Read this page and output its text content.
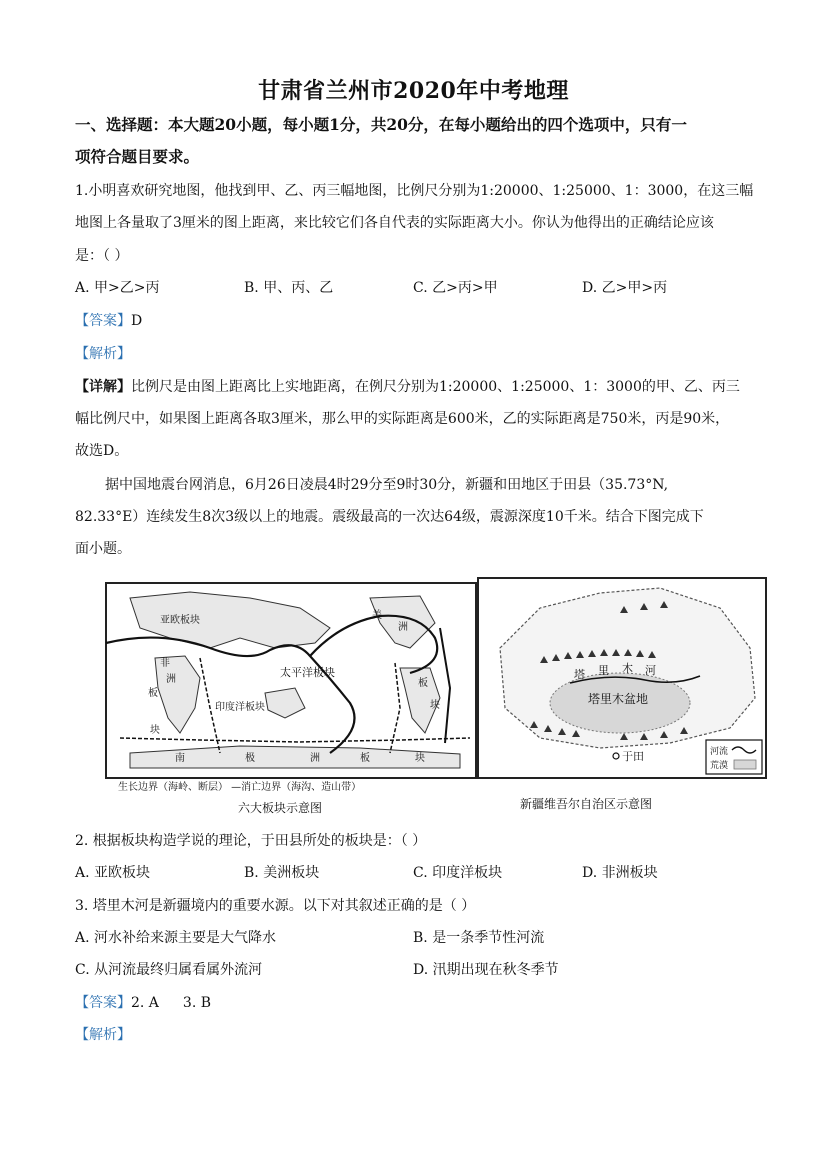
甘肃省兰州市2020年中考地理
一、选择题：本大题20小题，每小题1分，共20分，在每小题给出的四个选项中，只有一
项符合题目要求。
1.小明喜欢研究地图，他找到甲、乙、丙三幅地图，比例尺分别为1:20000、1:25000、1：3000，在这三幅
地图上各量取了3厘米的图上距离，来比较它们各自代表的实际距离大小。你认为他得出的正确结论应该
是：（ ）
A. 甲>乙>丙	B. 甲、丙、乙	C. 乙>丙>甲	D. 乙>甲>丙
【答案】D
【解析】
【详解】比例尺是由图上距离比上实地距离，在例尺分别为1:20000、1:25000、1：3000的甲、乙、丙三
幅比例尺中，如果图上距离各取3厘米，那么甲的实际距离是600米，乙的实际距离是750米，丙是90米，
故选D。
据中国地震台网消息，6月26日凌晨4时29分至9时30分，新疆和田地区于田县（35.73°N,
82.33°E）连续发生8次3级以上的地震。震级最高的一次达64级，震源深度10千米。结合下图完成下
面小题。
亚欧板块
太平洋板块
印度洋板块
非
洲
板
块
美
洲
板
块
南	极	洲	板	块
生长边界（海岭、断层） —消亡边界（海沟、造山带）
六大板块示意图
塔 里 木 河
塔里木盆地
于田	河流
荒漠
新疆维吾尔自治区示意图
2. 根据板块构造学说的理论，于田县所处的板块是：（ ）
A. 亚欧板块	B. 美洲板块	C. 印度洋板块	D. 非洲板块
3. 塔里木河是新疆境内的重要水源。以下对其叙述正确的是（ ）
A. 河水补给来源主要是大气降水	B. 是一条季节性河流
C. 从河流最终归属看属外流河	D. 汛期出现在秋冬季节
【答案】2. A 3. B
【解析】
